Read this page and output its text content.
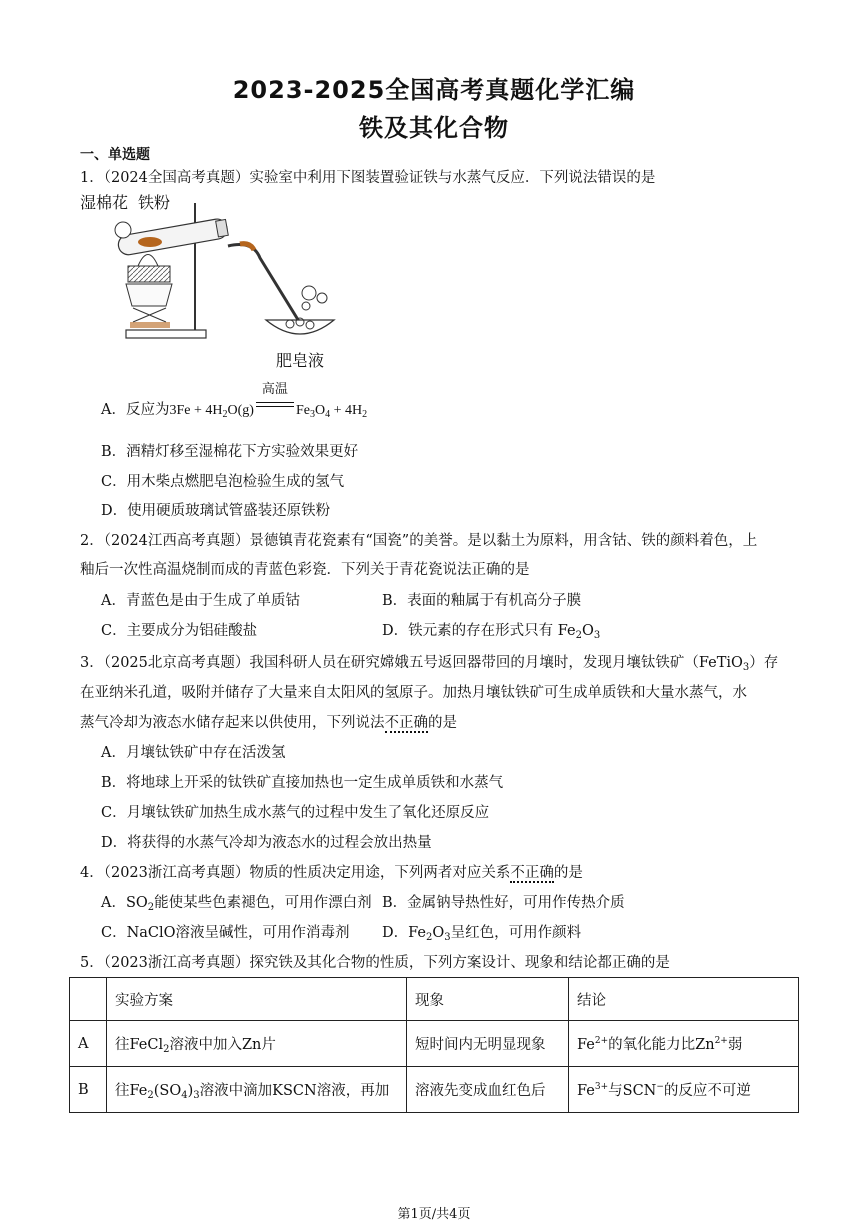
2023-2025全国高考真题化学汇编
铁及其化合物
一、单选题
1．（2024全国高考真题）实验室中利用下图装置验证铁与水蒸气反应．下列说法错误的是
湿棉花 铁粉
肥皂液
A．反应为$3Fe + 4H_2O(g)$
高温
$Fe_3O_4 + 4H_2$
B．酒精灯移至湿棉花下方实验效果更好
C．用木柴点燃肥皂泡检验生成的氢气
D．使用硬质玻璃试管盛装还原铁粉
2．（2024江西高考真题）景德镇青花瓷素有“国瓷”的美誉。是以黏土为原料，用含钴、铁的颜料着色，上
釉后一次性高温烧制而成的青蓝色彩瓷．下列关于青花瓷说法正确的是
A．青蓝色是由于生成了单质钴	B．表面的釉属于有机高分子膜
C．主要成分为铝硅酸盐	D．铁元素的存在形式只有 $Fe_2O_3$
3．（2025北京高考真题）我国科研人员在研究嫦娥五号返回器带回的月壤时，发现月壤钛铁矿（FeTiO$_3$）存
在亚纳米孔道，吸附并储存了大量来自太阳风的氢原子。加热月壤钛铁矿可生成单质铁和大量水蒸气，水
蒸气冷却为液态水储存起来以供使用，下列说法不正确的是
A．月壤钛铁矿中存在活泼氢
B．将地球上开采的钛铁矿直接加热也一定生成单质铁和水蒸气
C．月壤钛铁矿加热生成水蒸气的过程中发生了氧化还原反应
D．将获得的水蒸气冷却为液态水的过程会放出热量
4．（2023浙江高考真题）物质的性质决定用途，下列两者对应关系不正确的是
A．$SO_2$能使某些色素褪色，可用作漂白剂 B．金属钠导热性好，可用作传热介质
C．NaClO溶液呈碱性，可用作消毒剂 D．$Fe_2O_3$呈红色，可用作颜料
5．（2023浙江高考真题）探究铁及其化合物的性质，下列方案设计、现象和结论都正确的是
	实验方案	现象	结论
A	往FeCl$_2$溶液中加入Zn片	短时间内无明显现象	$Fe^{2+}$的氧化能力比$Zn^{2+}$弱
B	往$Fe_2(SO_4)_3$溶液中滴加KSCN溶液，再加	溶液先变成血红色后	$Fe^{3+}$与SCN−的反应不可逆
第1页/共4页
